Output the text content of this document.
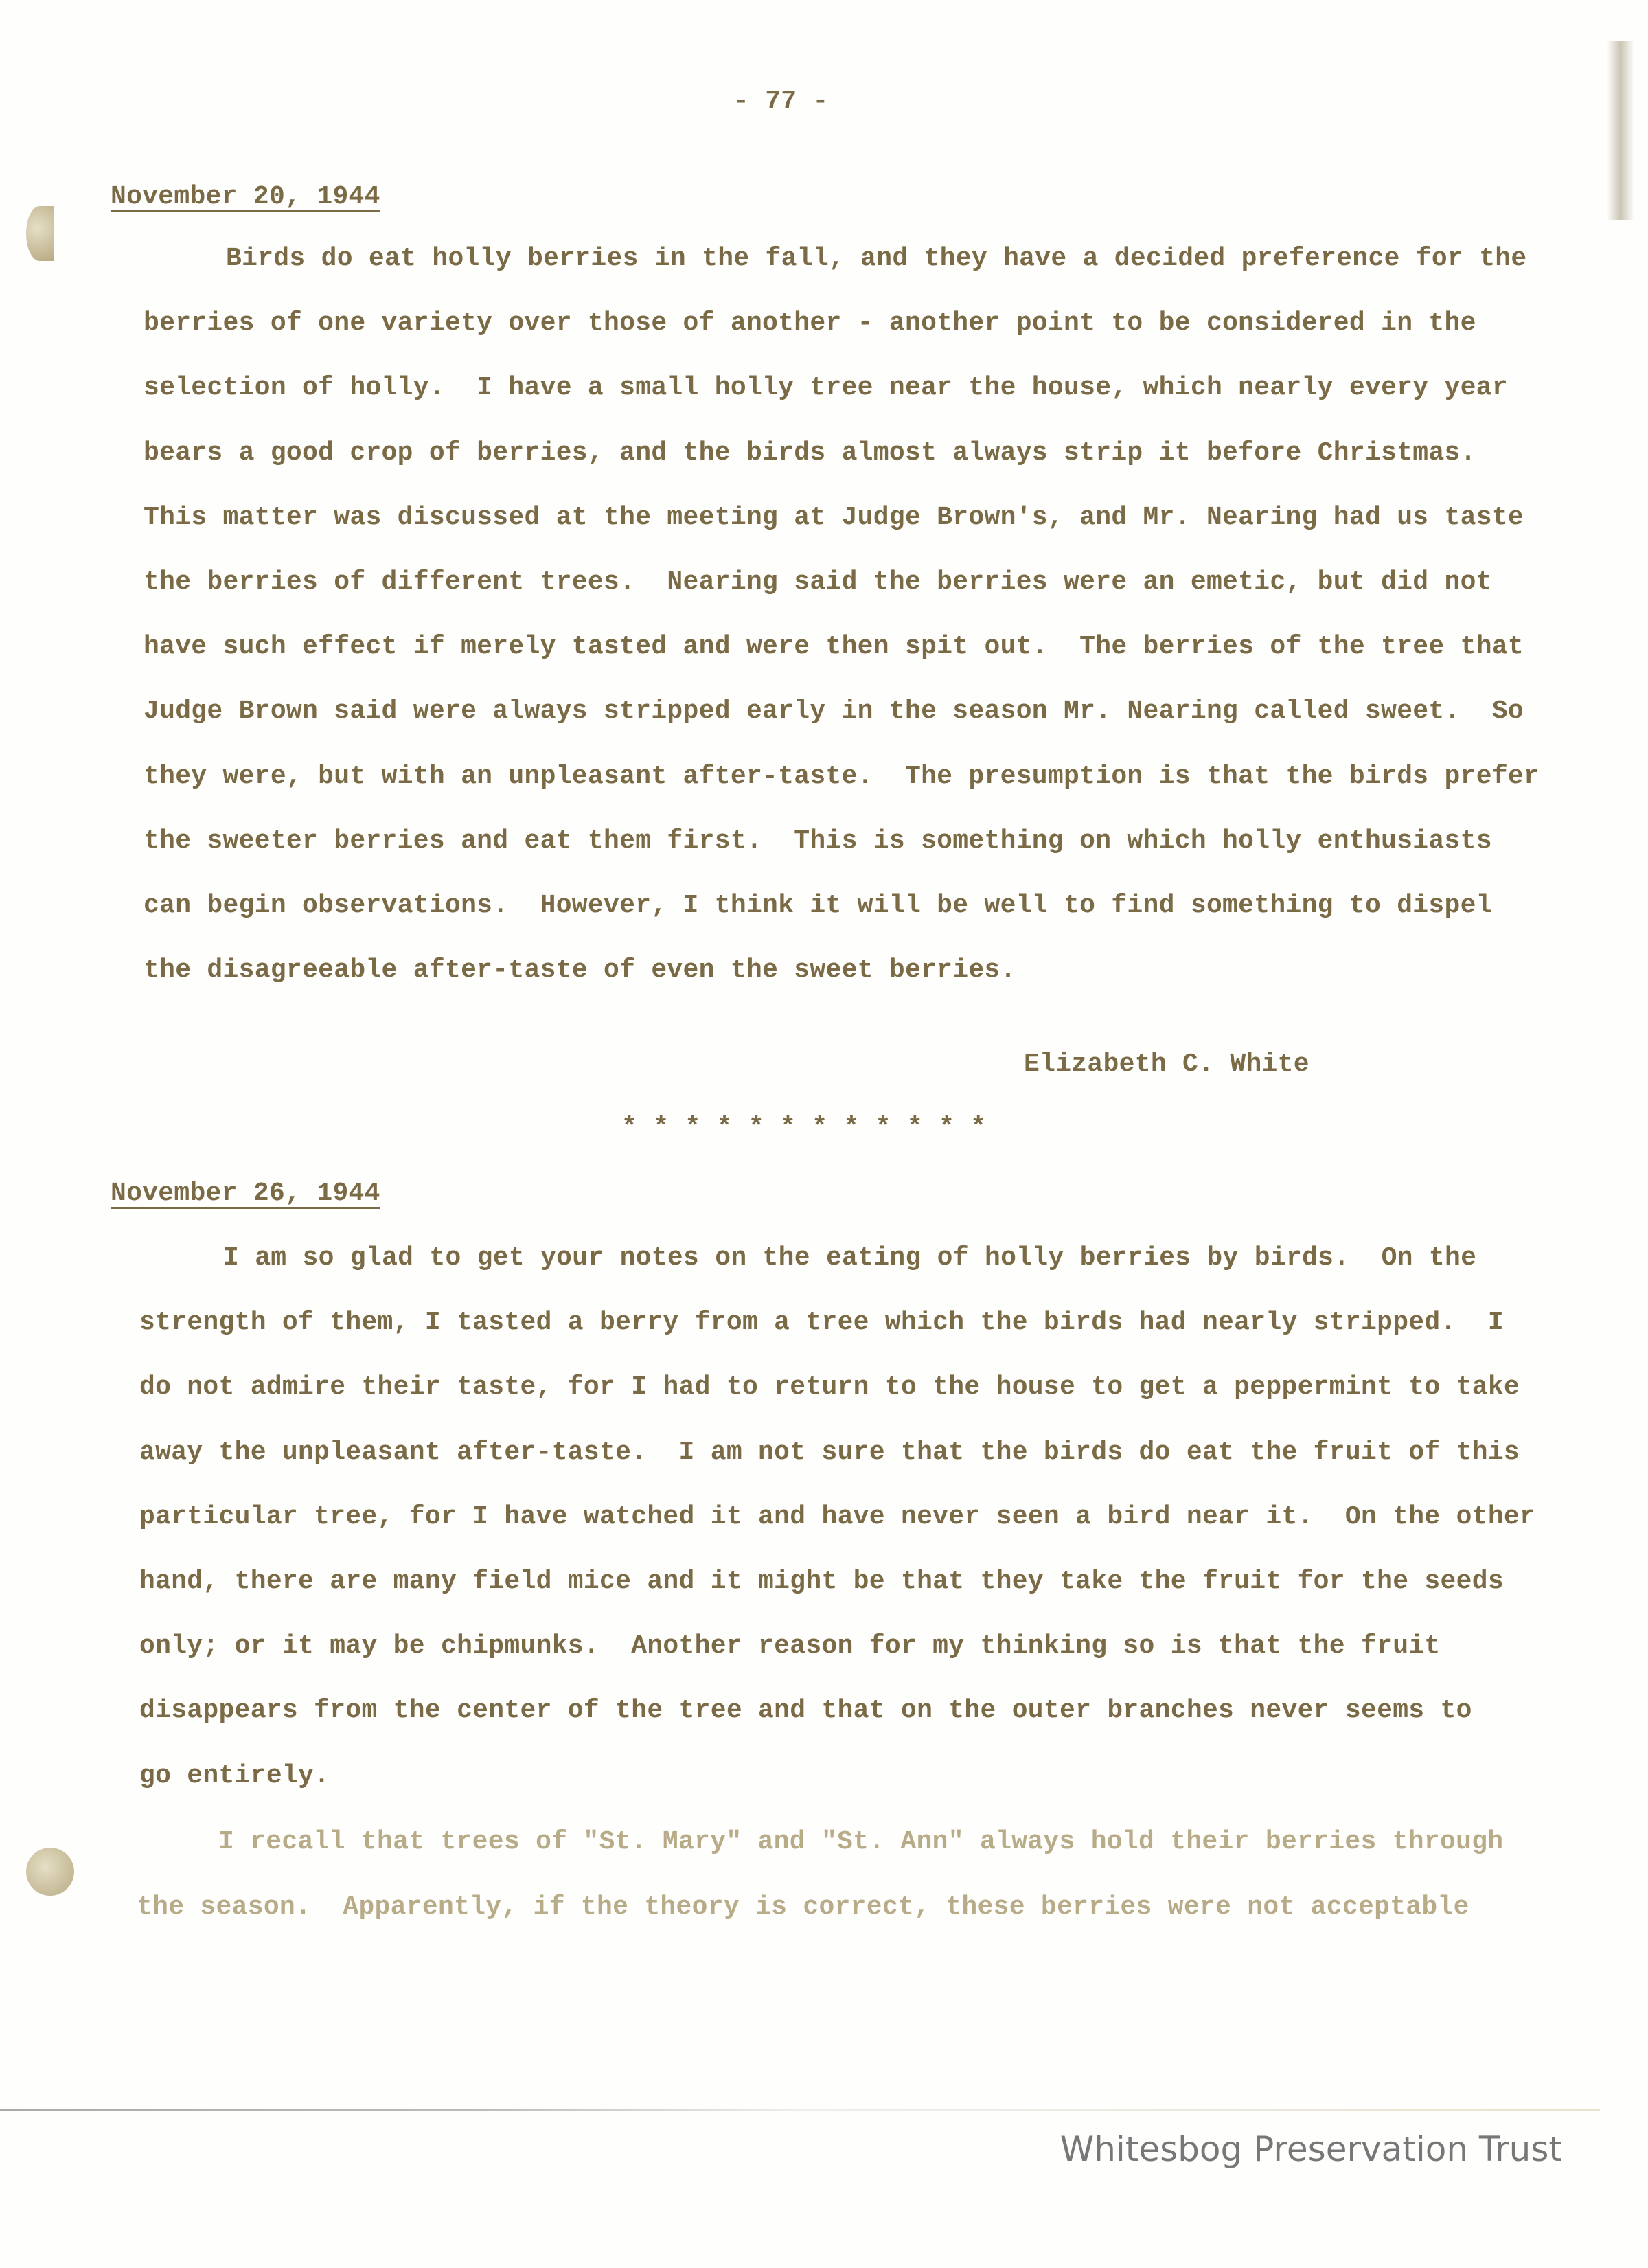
- 77 -
November 20, 1944
Birds do eat holly berries in the fall, and they have a decided preference for the
berries of one variety over those of another - another point to be considered in the
selection of holly.  I have a small holly tree near the house, which nearly every year
bears a good crop of berries, and the birds almost always strip it before Christmas.
This matter was discussed at the meeting at Judge Brown's, and Mr. Nearing had us taste
the berries of different trees.  Nearing said the berries were an emetic, but did not
have such effect if merely tasted and were then spit out.  The berries of the tree that
Judge Brown said were always stripped early in the season Mr. Nearing called sweet.  So
they were, but with an unpleasant after-taste.  The presumption is that the birds prefer
the sweeter berries and eat them first.  This is something on which holly enthusiasts
can begin observations.  However, I think it will be well to find something to dispel
the disagreeable after-taste of even the sweet berries.
Elizabeth C. White
* * * * * * * * * * * *
November 26, 1944
I am so glad to get your notes on the eating of holly berries by birds.  On the
strength of them, I tasted a berry from a tree which the birds had nearly stripped.  I
do not admire their taste, for I had to return to the house to get a peppermint to take
away the unpleasant after-taste.  I am not sure that the birds do eat the fruit of this
particular tree, for I have watched it and have never seen a bird near it.  On the other
hand, there are many field mice and it might be that they take the fruit for the seeds
only; or it may be chipmunks.  Another reason for my thinking so is that the fruit
disappears from the center of the tree and that on the outer branches never seems to
go entirely.
I recall that trees of "St. Mary" and "St. Ann" always hold their berries through
the season.  Apparently, if the theory is correct, these berries were not acceptable
Whitesbog Preservation Trust
